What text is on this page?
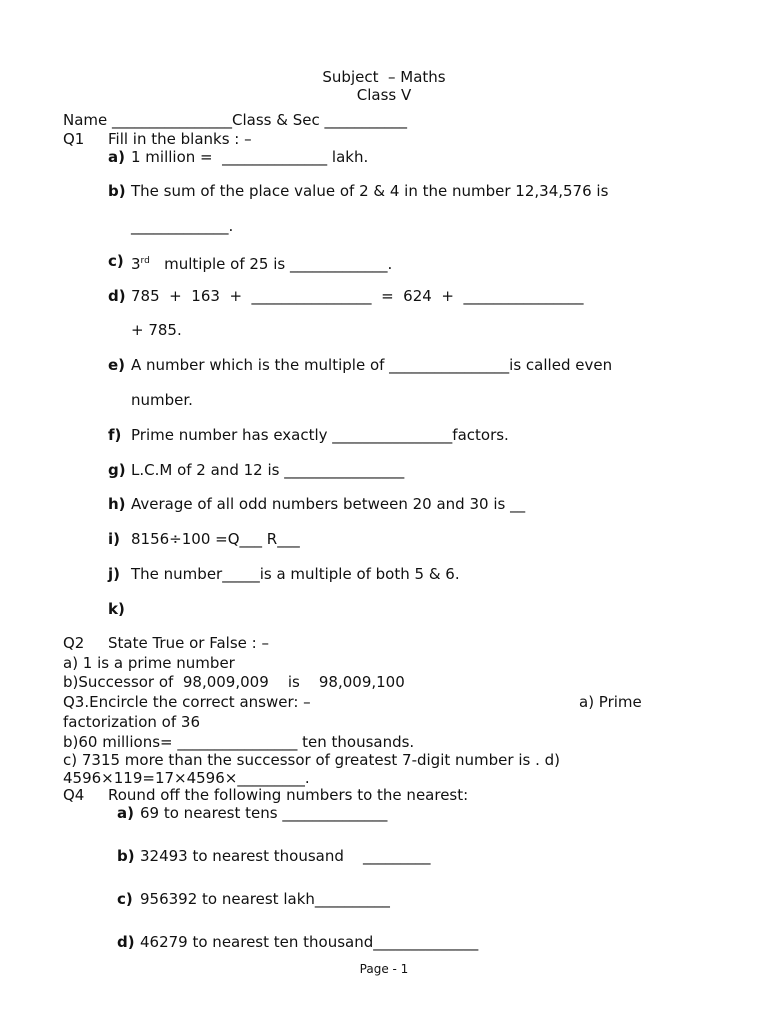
Subject  – Maths
Class V
Name ________________Class & Sec ___________
Q1 Fill in the blanks : –
a) 1 million =  ______________ lakh.
b) The sum of the place value of 2 & 4 in the number 12,34,576 is
_____________.
c) 3rd   multiple of 25 is _____________.
d) 785  +  163  +  ________________  =  624  +  ________________
+ 785.
e) A number which is the multiple of ________________is called even
number.
f) Prime number has exactly ________________factors.
g) L.C.M of 2 and 12 is ________________
h) Average of all odd numbers between 20 and 30 is __
i) 8156÷100 =Q___ R___
j) The number_____is a multiple of both 5 & 6.
k)
Q2 State True or False : –
a) 1 is a prime number
b)Successor of  98,009,009    is    98,009,100
Q3.Encircle the correct answer: –	a) Prime
factorization of 36
b)60 millions= ________________ ten thousands.
c) 7315 more than the successor of greatest 7-digit number is . d)
4596×119=17×4596×_________.
Q4 Round off the following numbers to the nearest:
a) 69 to nearest tens ______________
b) 32493 to nearest thousand    _________
c) 956392 to nearest lakh__________
d) 46279 to nearest ten thousand______________
Page - 1
